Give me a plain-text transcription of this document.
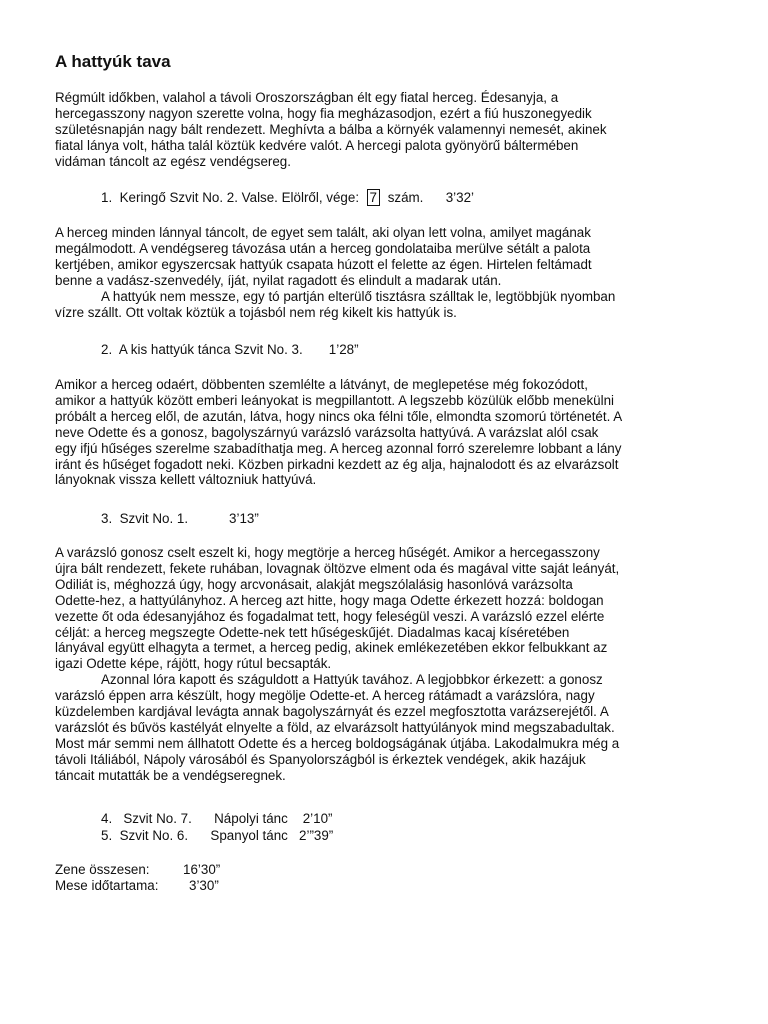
A hattyúk tava
Régmúlt időkben, valahol a távoli Oroszországban élt egy fiatal herceg. Édesanyja, a
hercegasszony nagyon szerette volna, hogy fia megházasodjon, ezért a fiú huszonegyedik
születésnapján nagy bált rendezett. Meghívta a bálba a környék valamennyi nemesét, akinek
fiatal lánya volt, hátha talál köztük kedvére valót. A hercegi palota gyönyörű báltermében
vidáman táncolt az egész vendégsereg.
1. Keringő Szvit No. 2. Valse. Elölről, vége: 7 szám. 3’32’
A herceg minden lánnyal táncolt, de egyet sem talált, aki olyan lett volna, amilyet magának
megálmodott. A vendégsereg távozása után a herceg gondolataiba merülve sétált a palota
kertjében, amikor egyszercsak hattyúk csapata húzott el felette az égen. Hirtelen feltámadt
benne a vadász-szenvedély, íját, nyilat ragadott és elindult a madarak után.
A hattyúk nem messze, egy tó partján elterülő tisztásra szálltak le, legtöbbjük nyomban
vízre szállt. Ott voltak köztük a tojásból nem rég kikelt kis hattyúk is.
2. A kis hattyúk tánca Szvit No. 3. 1’28”
Amikor a herceg odaért, döbbenten szemlélte a látványt, de meglepetése még fokozódott,
amikor a hattyúk között emberi leányokat is megpillantott. A legszebb közülük előbb menekülni
próbált a herceg elől, de azután, látva, hogy nincs oka félni tőle, elmondta szomorú történetét. A
neve Odette és a gonosz, bagolyszárnyú varázsló varázsolta hattyúvá. A varázslat alól csak
egy ifjú hűséges szerelme szabadíthatja meg. A herceg azonnal forró szerelemre lobbant a lány
iránt és hűséget fogadott neki. Közben pirkadni kezdett az ég alja, hajnalodott és az elvarázsolt
lányoknak vissza kellett változniuk hattyúvá.
3. Szvit No. 1.	3’13”
A varázsló gonosz cselt eszelt ki, hogy megtörje a herceg hűségét. Amikor a hercegasszony
újra bált rendezett, fekete ruhában, lovagnak öltözve elment oda és magával vitte saját leányát,
Odiliát is, méghozzá úgy, hogy arcvonásait, alakját megszólalásig hasonlóvá varázsolta
Odette-hez, a hattyúlányhoz. A herceg azt hitte, hogy maga Odette érkezett hozzá: boldogan
vezette őt oda édesanyjához és fogadalmat tett, hogy feleségül veszi. A varázsló ezzel elérte
célját: a herceg megszegte Odette-nek tett hűségeskűjét. Diadalmas kacaj kíséretében
lányával együtt elhagyta a termet, a herceg pedig, akinek emlékezetében ekkor felbukkant az
igazi Odette képe, rájött, hogy rútul becsapták.
Azonnal lóra kapott és száguldott a Hattyúk tavához. A legjobbkor érkezett: a gonosz
varázsló éppen arra készült, hogy megölje Odette-et. A herceg rátámadt a varázslóra, nagy
küzdelemben kardjával levágta annak bagolyszárnyát és ezzel megfosztotta varázserejétől. A
varázslót és bűvös kastélyát elnyelte a föld, az elvarázsolt hattyúlányok mind megszabadultak.
Most már semmi nem állhatott Odette és a herceg boldogságának útjába. Lakodalmukra még a
távoli Itáliából, Nápoly városából és Spanyolországból is érkeztek vendégek, akik hazájuk
táncait mutatták be a vendégseregnek.
4. Szvit No. 7. Nápolyi tánc 2’10”
5. Szvit No. 6. Spanyol tánc 2’”39”
Zene összesen: 16’30”
Mese időtartama: 3’30”
